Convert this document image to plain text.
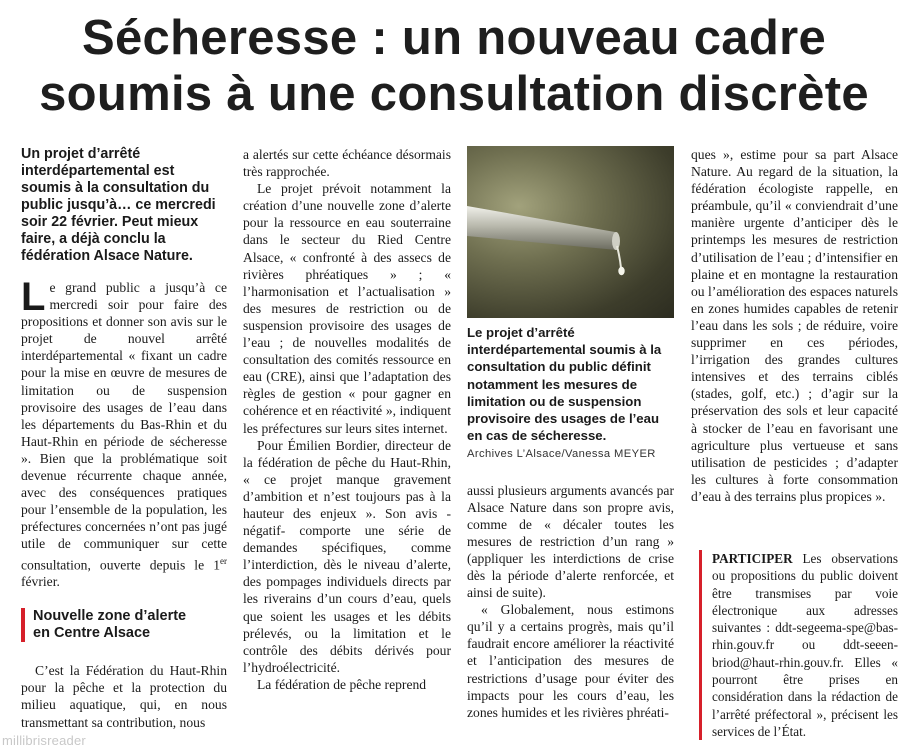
Sécheresse : un nouveau cadre
soumis à une consultation discrète
Un projet d’arrêté interdépartemental est soumis à la consultation du public jusqu’à… ce mercredi soir 22 février. Peut mieux faire, a déjà conclu la fédération Alsace Nature.

Le grand public a jusqu’à ce mercredi soir pour faire des propositions et donner son avis sur le projet de nouvel arrêté interdépartemental « fixant un cadre pour la mise en œuvre de mesures de limitation ou de suspension provisoire des usages de l’eau dans les départements du Bas-Rhin et du Haut-Rhin en période de sécheresse ». Bien que la problématique soit devenue récurrente chaque année, avec des conséquences pratiques pour l’ensemble de la population, les préfectures concernées n’ont pas jugé utile de communiquer sur cette consultation, ouverte depuis le 1er février.

Nouvelle zone d’alerte
en Centre Alsace

C’est la Fédération du Haut-Rhin pour la pêche et la protection du milieu aquatique, qui, en nous transmettant sa contribution, nous

a alertés sur cette échéance désormais très rapprochée.

Le projet prévoit notamment la création d’une nouvelle zone d’alerte pour la ressource en eau souterraine dans le secteur du Ried Centre Alsace, « confronté à des assecs de rivières phréatiques » ; « l’harmonisation et l’actualisation » des mesures de restriction ou de suspension provisoire des usages de l’eau ; de nouvelles modalités de consultation des comités ressource en eau (CRE), ainsi que l’adaptation des règles de gestion « pour gagner en cohérence et en réactivité », indiquent les préfectures sur leurs sites internet.

Pour Émilien Bordier, directeur de la fédération de pêche du Haut-Rhin, « ce projet manque gravement d’ambition et n’est toujours pas à la hauteur des enjeux ». Son avis -négatif- comporte une série de demandes spécifiques, comme l’interdiction, dès le niveau d’alerte, des pompages individuels directs par les riverains d’un cours d’eau, quels que soient les usages et les débits prélevés, ou la limitation et le contrôle des débits dérivés pour l’hydroélectricité.

La fédération de pêche reprend

Le projet d’arrêté interdépartemental soumis à la consultation du public définit notamment les mesures de limitation ou de suspension provisoire des usages de l’eau en cas de sécheresse.
Archives L’Alsace/Vanessa MEYER

aussi plusieurs arguments avancés par Alsace Nature dans son propre avis, comme de « décaler toutes les mesures de restriction d’un rang » (appliquer les interdictions de crise dès la période d’alerte renforcée, et ainsi de suite).

« Globalement, nous estimons qu’il y a certains progrès, mais qu’il faudrait encore améliorer la réactivité et l’anticipation des mesures de restrictions d’usage pour éviter des impacts pour les cours d’eau, les zones humides et les rivières phréati-

ques », estime pour sa part Alsace Nature. Au regard de la situation, la fédération écologiste rappelle, en préambule, qu’il « conviendrait d’une manière urgente d’anticiper dès le printemps les mesures de restriction d’utilisation de l’eau ; d’intensifier en plaine et en montagne la restauration ou l’amélioration des espaces naturels en zones humides capables de retenir l’eau dans les sols ; de réduire, voire supprimer en ces périodes, l’irrigation des grandes cultures intensives et des terrains ciblés (stades, golf, etc.) ; d’agir sur la préservation des sols et leur capacité à stocker de l’eau en favorisant une agriculture plus vertueuse et sans utilisation de pesticides ; d’adapter les cultures à forte consommation d’eau à des terrains plus propices ».

PARTICIPER Les observations ou propositions du public doivent être transmises par voie électronique aux adresses suivantes : ddt-segeema-spe@bas-rhin.gouv.fr ou ddt-seeen-briod@haut-rhin.gouv.fr. Elles « pourront être prises en considération dans la rédaction de l’arrêté préfectoral », précisent les services de l’État.
millibrisreader
